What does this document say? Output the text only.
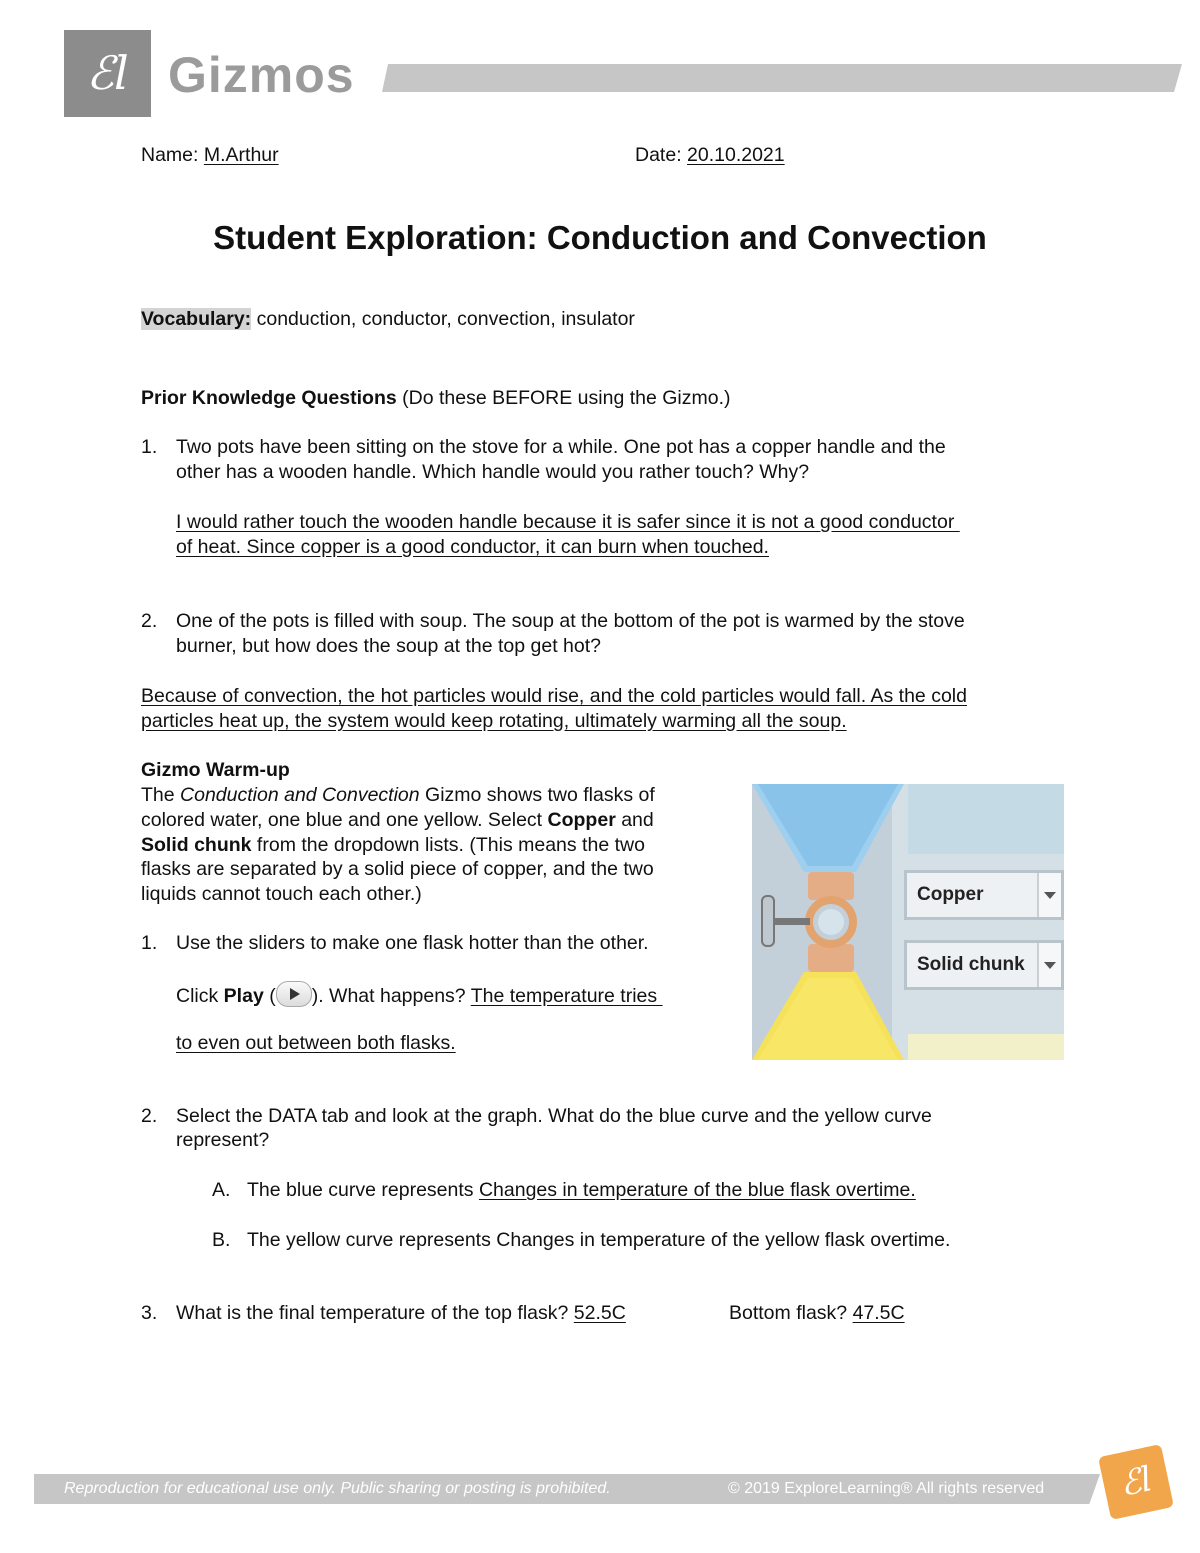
ℰl Gizmos
Name: M.Arthur	Date: 20.10.2021
Student Exploration: Conduction and Convection
Vocabulary: conduction, conductor, convection, insulator
Prior Knowledge Questions (Do these BEFORE using the Gizmo.)
1. Two pots have been sitting on the stove for a while. One pot has a copper handle and the
other has a wooden handle. Which handle would you rather touch? Why?
I would rather touch the wooden handle because it is safer since it is not a good conductor
of heat. Since copper is a good conductor, it can burn when touched.
2. One of the pots is filled with soup. The soup at the bottom of the pot is warmed by the stove
burner, but how does the soup at the top get hot?
Because of convection, the hot particles would rise, and the cold particles would fall. As the cold
particles heat up, the system would keep rotating, ultimately warming all the soup.
Gizmo Warm-up
The Conduction and Convection Gizmo shows two flasks of
colored water, one blue and one yellow. Select Copper and
Solid chunk from the dropdown lists. (This means the two
flasks are separated by a solid piece of copper, and the two
liquids cannot touch each other.)
1. Use the sliders to make one flask hotter than the other.
Click Play ( ). What happens? The temperature tries
to even out between both flasks.
Copper
Solid chunk
2. Select the DATA tab and look at the graph. What do the blue curve and the yellow curve
represent?
A. The blue curve represents Changes in temperature of the blue flask overtime.
B. The yellow curve represents Changes in temperature of the yellow flask overtime.
3. What is the final temperature of the top flask? 52.5C	Bottom flask? 47.5C
Reproduction for educational use only. Public sharing or posting is prohibited.	© 2019 ExploreLearning® All rights reserved	ℰl
